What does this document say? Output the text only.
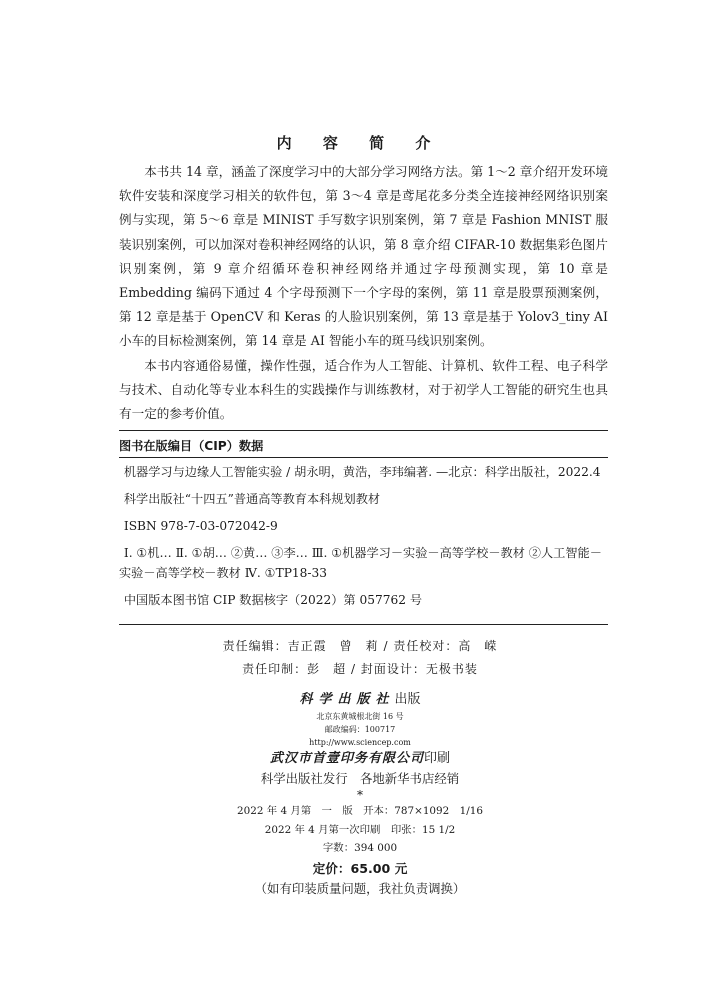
内 容 简 介

本书共 14 章，涵盖了深度学习中的大部分学习网络方法。第 1～2 章介绍开发环境软件安装和深度学习相关的软件包，第 3～4 章是鸢尾花多分类全连接神经网络识别案例与实现，第 5～6 章是 MINIST 手写数字识别案例，第 7 章是 Fashion MNIST 服装识别案例，可以加深对卷积神经网络的认识，第 8 章介绍 CIFAR-10 数据集彩色图片识别案例，第 9 章介绍循环卷积神经网络并通过字母预测实现，第 10 章是 Embedding 编码下通过 4 个字母预测下一个字母的案例，第 11 章是股票预测案例，第 12 章是基于 OpenCV 和 Keras 的人脸识别案例，第 13 章是基于 Yolov3_tiny AI 小车的目标检测案例，第 14 章是 AI 智能小车的斑马线识别案例。

本书内容通俗易懂，操作性强，适合作为人工智能、计算机、软件工程、电子科学与技术、自动化等专业本科生的实践操作与训练教材，对于初学人工智能的研究生也具有一定的参考价值。

图书在版编目（CIP）数据

机器学习与边缘人工智能实验 / 胡永明，黄浩，李玮编著. —北京：科学出版社，2022.4

科学出版社“十四五”普通高等教育本科规划教材

ISBN 978-7-03-072042-9

Ⅰ. ①机… Ⅱ. ①胡… ②黄… ③李… Ⅲ. ①机器学习－实验－高等学校－教材 ②人工智能－实验－高等学校－教材 Ⅳ. ①TP18-33

中国版本图书馆 CIP 数据核字（2022）第 057762 号

责任编辑：吉正霞　曾　莉 / 责任校对：高　嵘
责任印制：彭　超 / 封面设计：无极书装
科学出版社出版
北京东黄城根北街 16 号
邮政编码：100717
http://www.sciencep.com
武汉市首壹印务有限公司印刷
科学出版社发行　各地新华书店经销
*
2022 年 4 月第　一　版　开本：787×1092　1/16
2022 年 4 月第一次印刷　印张：15 1/2
字数：394 000
定价：65.00 元
（如有印装质量问题，我社负责调换）
